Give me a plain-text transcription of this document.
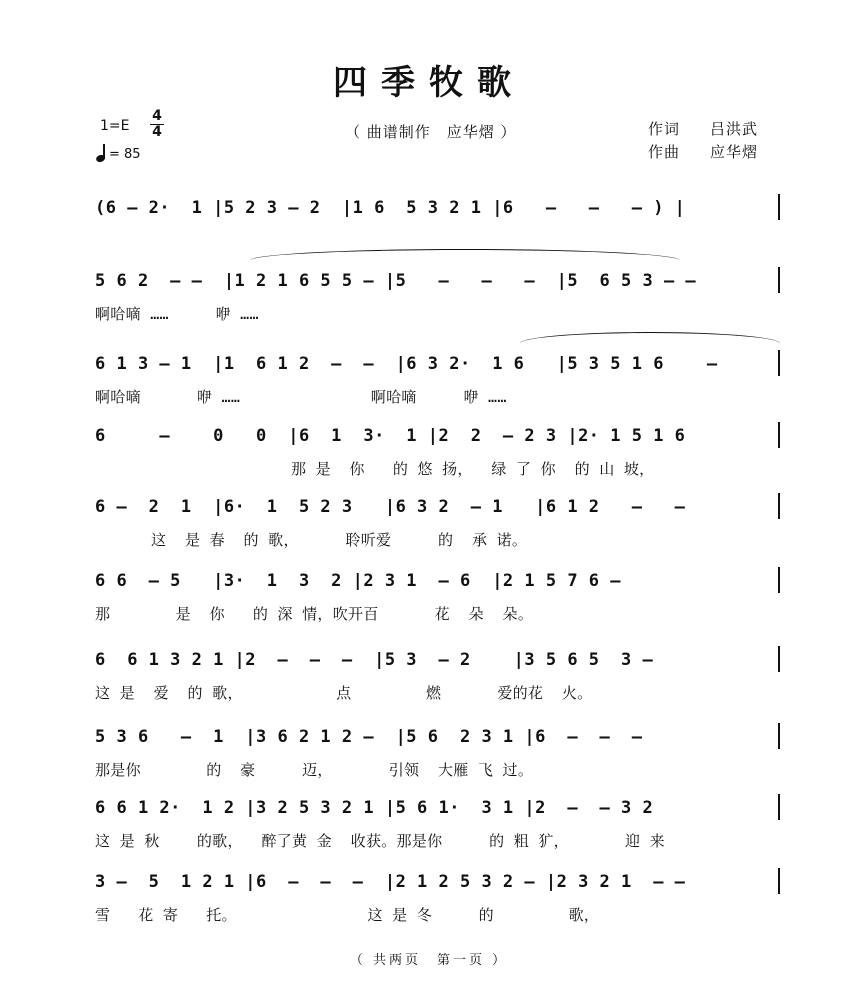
四季牧歌
1=E
4
4
= 85
（ 曲谱制作　应华熠 ）	作词 吕洪武
作曲 应华熠
(6 – 2·  1 |5 2 3 – 2  |1 6  5 3 2 1 |6   –   –   – ) |
5 6 2  – –  |1 2 1 6 5 5 – |5   –   –   –  |5  6 5 3 – –
啊哈嘀 ……     咿 ……
6 1 3 – 1  |1  6 1 2  –  –  |6 3 2·  1 6   |5 3 5 1 6    –
啊哈嘀      咿 ……              啊哈嘀     咿 ……
6     –    0   0  |6  1  3·  1 |2  2  – 2 3 |2· 1 5 1 6
那 是  你   的 悠 扬，  绿 了 你  的 山 坡，
6 –  2  1  |6·  1  5 2 3   |6 3 2  – 1   |6 1 2   –   –
这  是 春  的 歌，     聆听爱     的  承 诺。
6 6  – 5   |3·  1  3  2 |2 3 1  – 6  |2 1 5 7 6 –
那       是  你   的 深 情，吹开百      花  朵  朵。
6  6 1 3 2 1 |2  –  –  –  |5 3  – 2    |3 5 6 5  3 –
这 是  爱  的 歌，          点        燃      爱的花  火。
5 3 6   –  1  |3 6 2 1 2 –  |5 6  2 3 1 |6  –  –  –
那是你       的  豪     迈，      引领  大雁 飞 过。
6 6 1 2·  1 2 |3 2 5 3 2 1 |5 6 1·  3 1 |2  –  – 3 2
这 是 秋    的歌，  醉了黄 金  收获。那是你     的 粗 犷，      迎 来
3 –  5  1 2 1 |6  –  –  –  |2 1 2 5 3 2 – |2 3 2 1  – –
雪   花 寄   托。              这 是 冬     的        歌，
（ 共两页　第一页 ）
